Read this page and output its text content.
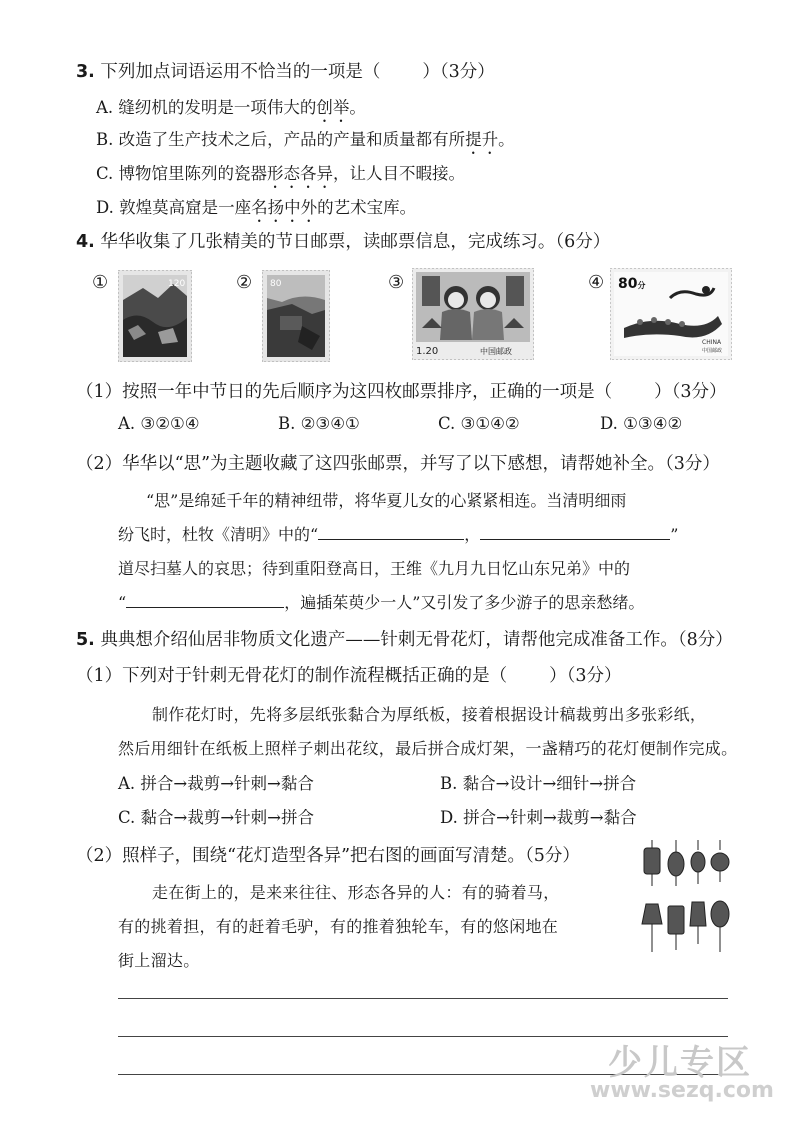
3. 下列加点词语运用不恰当的一项是（ ）（3分）
A. 缝纫机的发明是一项伟大的创举。
B. 改造了生产技术之后，产品的产量和质量都有所提升。
C. 博物馆里陈列的瓷器形态各异，让人目不暇接。
D. 敦煌莫高窟是一座名扬中外的艺术宝库。
4. 华华收集了几张精美的节日邮票，读邮票信息，完成练习。（6分）
①	120	② 80	③
1.20	中国邮政
④ 80分
CHINA
中国邮政
（1）按照一年中节日的先后顺序为这四枚邮票排序，正确的一项是（ ）（3分）
A. ③②①④	B. ②③④①	C. ③①④②	D. ①③④②
（2）华华以“思”为主题收藏了这四张邮票，并写了以下感想，请帮她补全。（3分）
“思”是绵延千年的精神纽带，将华夏儿女的心紧紧相连。当清明细雨
纷飞时，杜牧《清明》中的“	，	”
道尽扫墓人的哀思；待到重阳登高日，王维《九月九日忆山东兄弟》中的
“	，遍插茱萸少一人”又引发了多少游子的思亲愁绪。
5. 典典想介绍仙居非物质文化遗产——针刺无骨花灯，请帮他完成准备工作。（8分）
（1）下列对于针刺无骨花灯的制作流程概括正确的是（ ）（3分）
制作花灯时，先将多层纸张黏合为厚纸板，接着根据设计稿裁剪出多张彩纸，
然后用细针在纸板上照样子刺出花纹，最后拼合成灯架，一盏精巧的花灯便制作完成。
A. 拼合→裁剪→针刺→黏合	B. 黏合→设计→细针→拼合
C. 黏合→裁剪→针刺→拼合	D. 拼合→针刺→裁剪→黏合
（2）照样子，围绕“花灯造型各异”把右图的画面写清楚。（5分）
走在街上的，是来来往往、形态各异的人：有的骑着马，
有的挑着担，有的赶着毛驴，有的推着独轮车，有的悠闲地在
街上溜达。
少儿专区
www.sezq.com
